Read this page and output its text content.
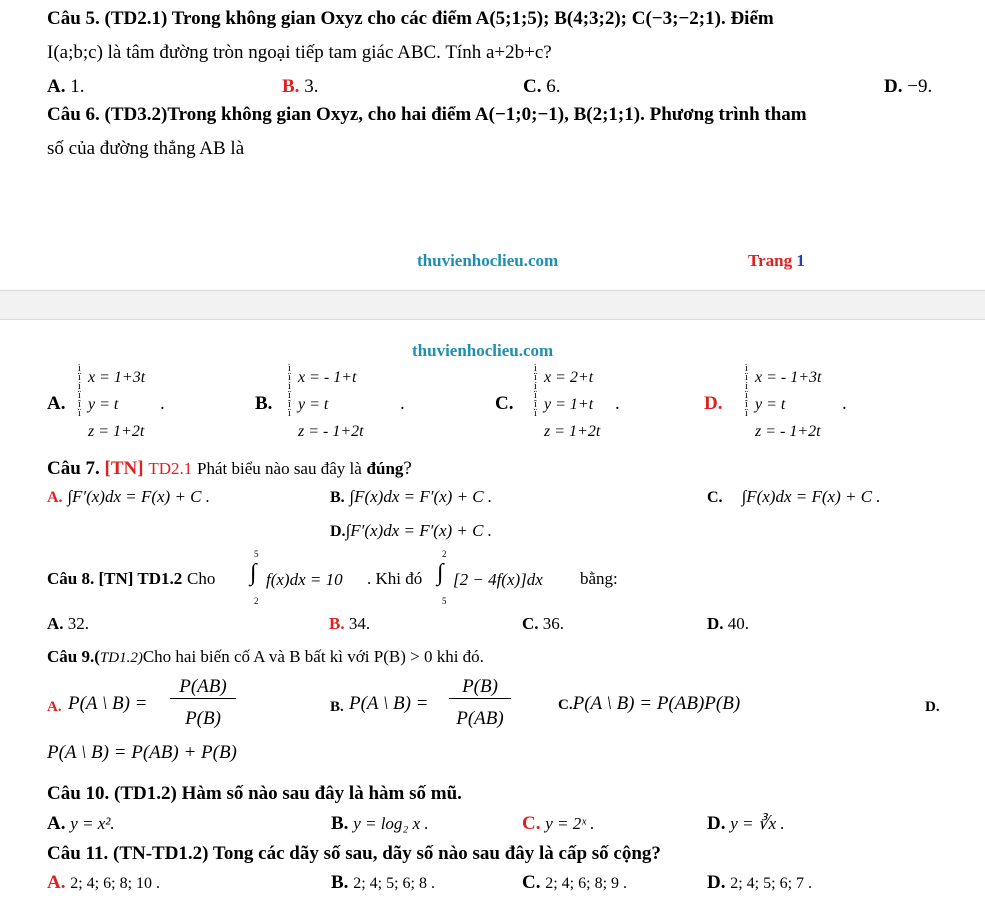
Câu 5. (TD2.1) Trong không gian Oxyz cho các điểm A(5;1;5); B(4;3;2); C(−3;−2;1). Điểm
I(a;b;c) là tâm đường tròn ngoại tiếp tam giác ABC. Tính a+2b+c?
A. 1.	B. 3.	C. 6.	D. −9.
Câu 6. (TD3.2)Trong không gian Oxyz, cho hai điểm A(−1;0;−1), B(2;1;1). Phương trình tham
số của đường thẳng AB là
thuvienhoclieu.com	Trang 1
thuvienhoclieu.com
A.
x = 1+3t
y = t
z = 1+2t
ì
ï
í
ï
î
ï	.	B.
x = - 1+t
y = t
z = - 1+2t
ì
ï
í
ï
î
ï	.	C.
x = 2+t
y = 1+t
z = 1+2t
ì
ï
í
ï
î
ï	.	D.
x = - 1+3t
y = t
z = - 1+2t
ì
ï
í
ï
î
ï	.
Câu 7. [TN] TD2.1 Phát biểu nào sau đây là đúng?
A. ∫F′(x)dx = F(x) + C .	B. ∫F(x)dx = F′(x) + C .	C. ∫F(x)dx = F(x) + C .
D.∫F′(x)dx = F′(x) + C .
Câu 8. [TN] TD1.2 Cho ∫
5
2
f(x)dx = 10 . Khi đó ∫
2
5
[2 − 4f(x)]dx bằng:
A. 32.	B. 34.	C. 36.	D. 40.
Câu 9.(TD1.2)Cho hai biến cố A và B bất kì với P(B) > 0 khi đó.
A. P(A \ B) =
P(AB)
P(B)
B. P(A \ B) =
P(B)
P(AB)
C.P(A \ B) = P(AB)P(B)	D.
P(A \ B) = P(AB) + P(B)
Câu 10. (TD1.2) Hàm số nào sau đây là hàm số mũ.
A. y = x².	B. y = log₂ x .	C. y = 2ˣ .	D. y = ∛x .
Câu 11. (TN-TD1.2) Tong các dãy số sau, dãy số nào sau đây là cấp số cộng?
A. 2; 4; 6; 8; 10 .	B. 2; 4; 5; 6; 8 .	C. 2; 4; 6; 8; 9 .	D. 2; 4; 5; 6; 7 .
